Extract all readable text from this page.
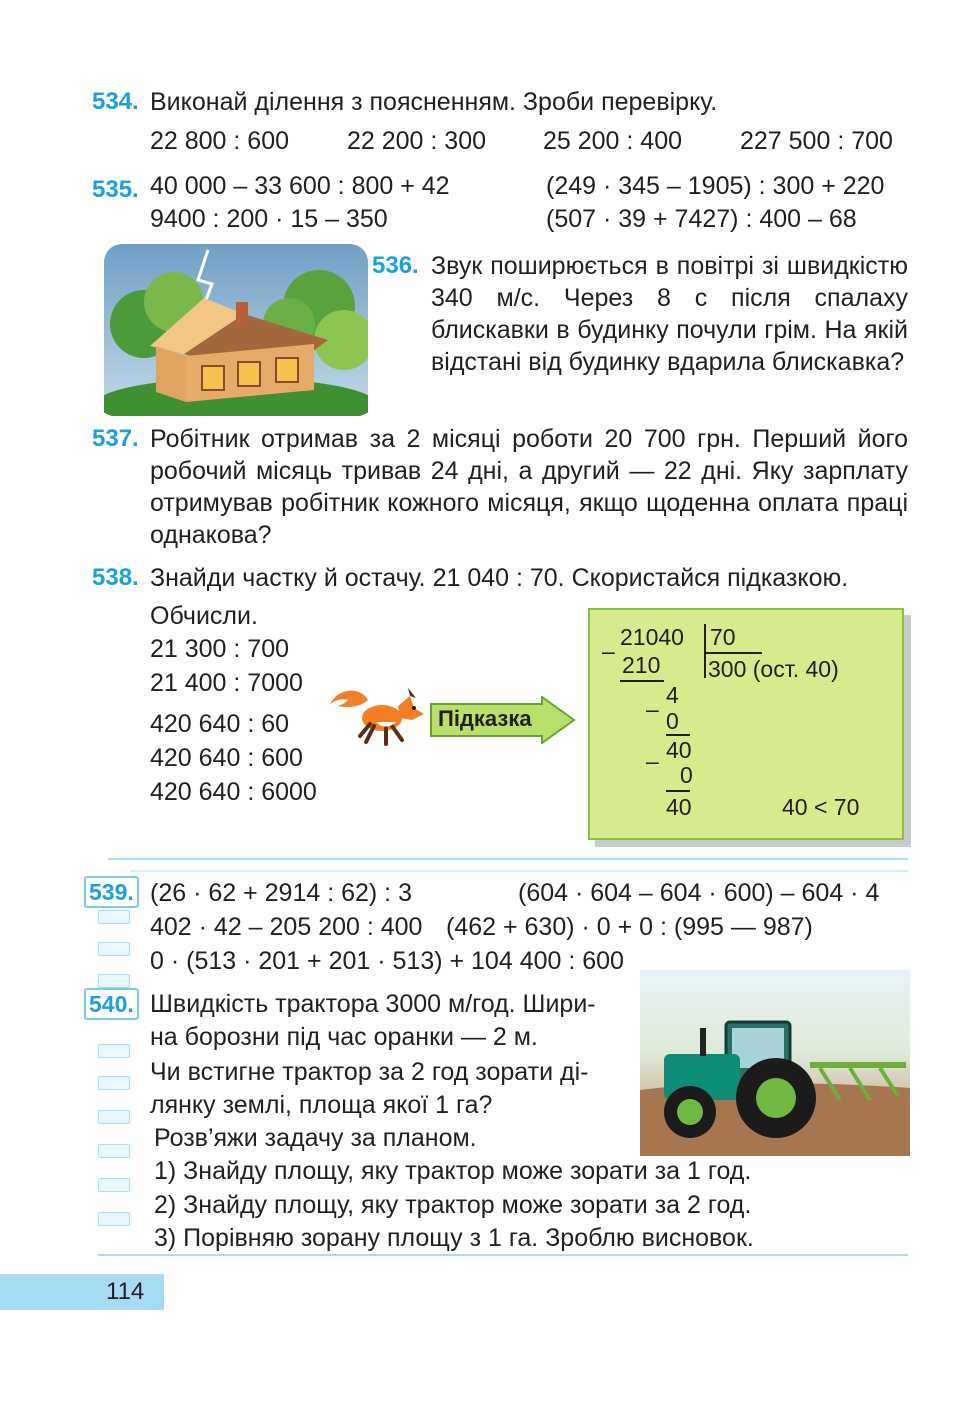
534. Виконай ділення з поясненням. Зроби перевірку.
22 800 : 600 22 200 : 300 25 200 : 400 227 500 : 700
535. 40 000 – 33 600 : 800 + 42	(249 · 345 – 1905) : 300 + 220
9400 : 200 · 15 – 350	(507 · 39 + 7427) : 400 – 68
536. Звук поширюється в повітрі зі швидкістю 340 м/с. Через 8 с після спалаху блискавки в будинку почули грім. На якій відстані від будинку вдарила блискавка?
537. Робітник отримав за 2 місяці роботи 20 700 грн. Перший його робочий місяць тривав 24 дні, а другий — 22 дні. Яку зарплату отримував робітник кожного місяця, якщо щоденна оплата праці однакова?
538. Знайди частку й остачу. 21 040 : 70. Скористайся підказкою.
Обчисли.
21 300 : 700
21 400 : 7000
420 640 : 60
420 640 : 600
420 640 : 6000
Підказка
21040 70
–
210 300 (ост. 40)
4
– 0
40
–
0
40	40 < 70
539. (26 · 62 + 2914 : 62) : 3	(604 · 604 – 604 · 600) – 604 · 4
402 · 42 – 205 200 : 400 (462 + 630) · 0 + 0 : (995 — 987)
0 · (513 · 201 + 201 · 513) + 104 400 : 600
540. Швидкість трактора 3000 м/год. Шири-
на борозни під час оранки — 2 м.
Чи встигне трактор за 2 год зорати ді-
лянку землі, площа якої 1 га?
Розв’яжи задачу за планом.
1) Знайду площу, яку трактор може зорати за 1 год.
2) Знайду площу, яку трактор може зорати за 2 год.
3) Порівняю зорану площу з 1 га. Зроблю висновок.
114
